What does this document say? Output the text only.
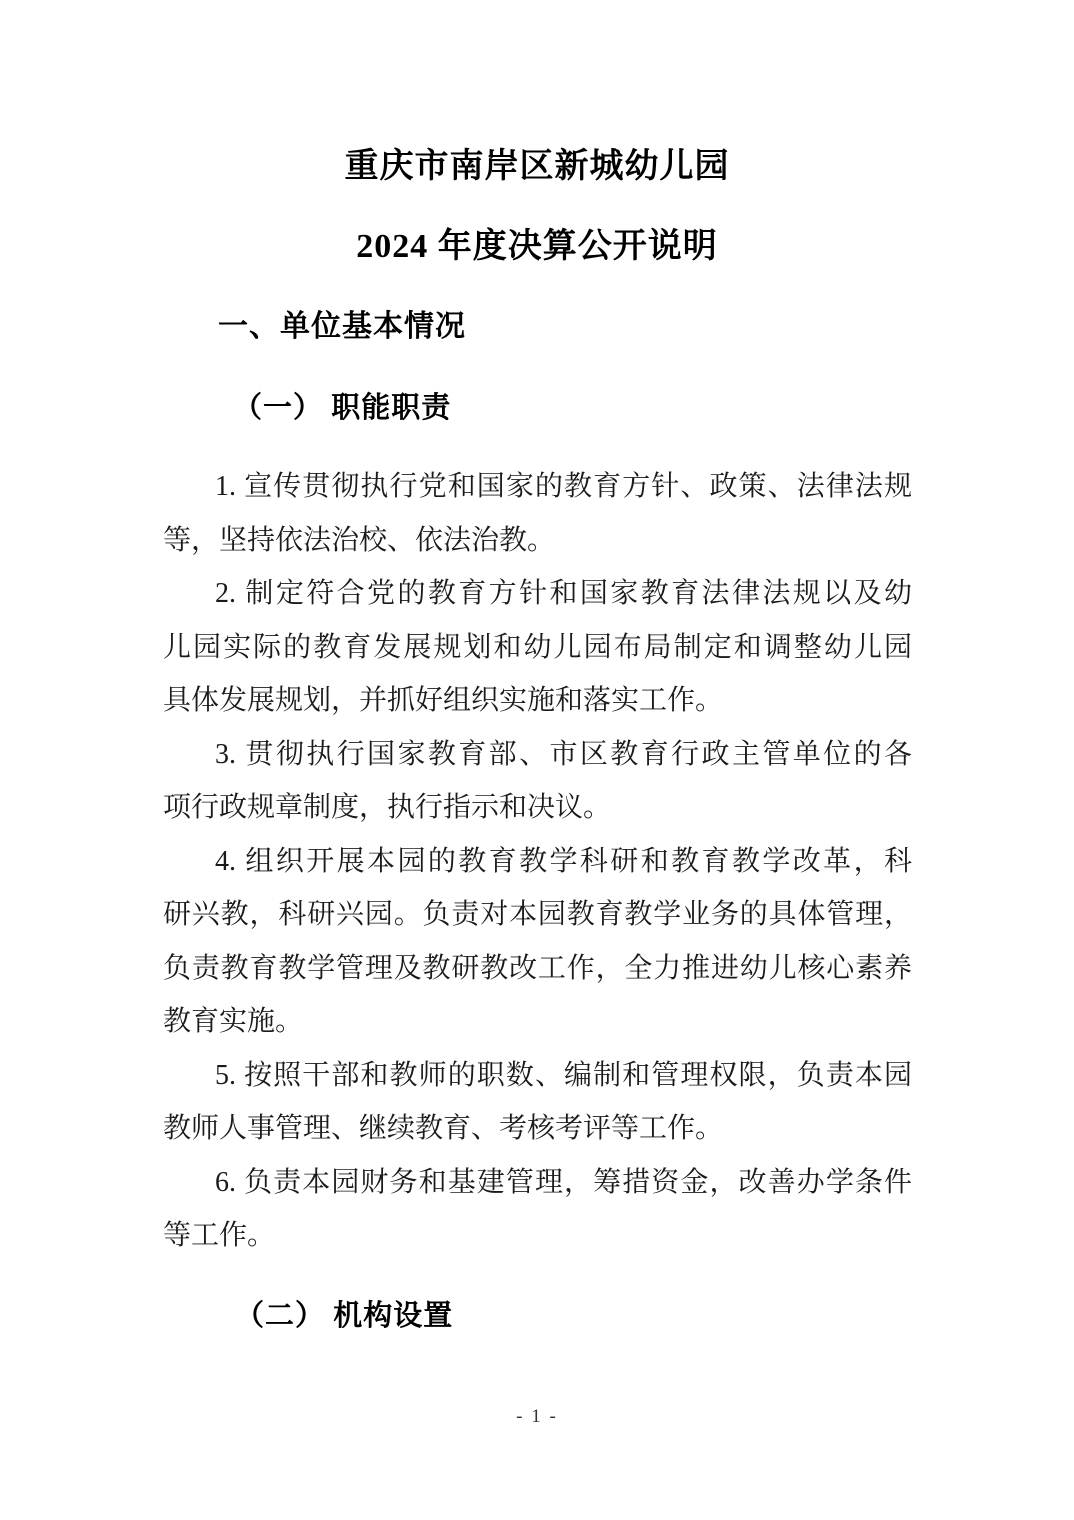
重庆市南岸区新城幼儿园
2024 年度决算公开说明
一、单位基本情况
（一） 职能职责
1. 宣传贯彻执行党和国家的教育方针、政策、法律法规
等，坚持依法治校、依法治教。
2. 制定符合党的教育方针和国家教育法律法规以及幼
儿园实际的教育发展规划和幼儿园布局制定和调整幼儿园
具体发展规划，并抓好组织实施和落实工作。
3. 贯彻执行国家教育部、市区教育行政主管单位的各
项行政规章制度，执行指示和决议。
4. 组织开展本园的教育教学科研和教育教学改革，科
研兴教，科研兴园。负责对本园教育教学业务的具体管理，
负责教育教学管理及教研教改工作，全力推进幼儿核心素养
教育实施。
5. 按照干部和教师的职数、编制和管理权限，负责本园
教师人事管理、继续教育、考核考评等工作。
6. 负责本园财务和基建管理，筹措资金，改善办学条件
等工作。
（二） 机构设置
- 1 -
